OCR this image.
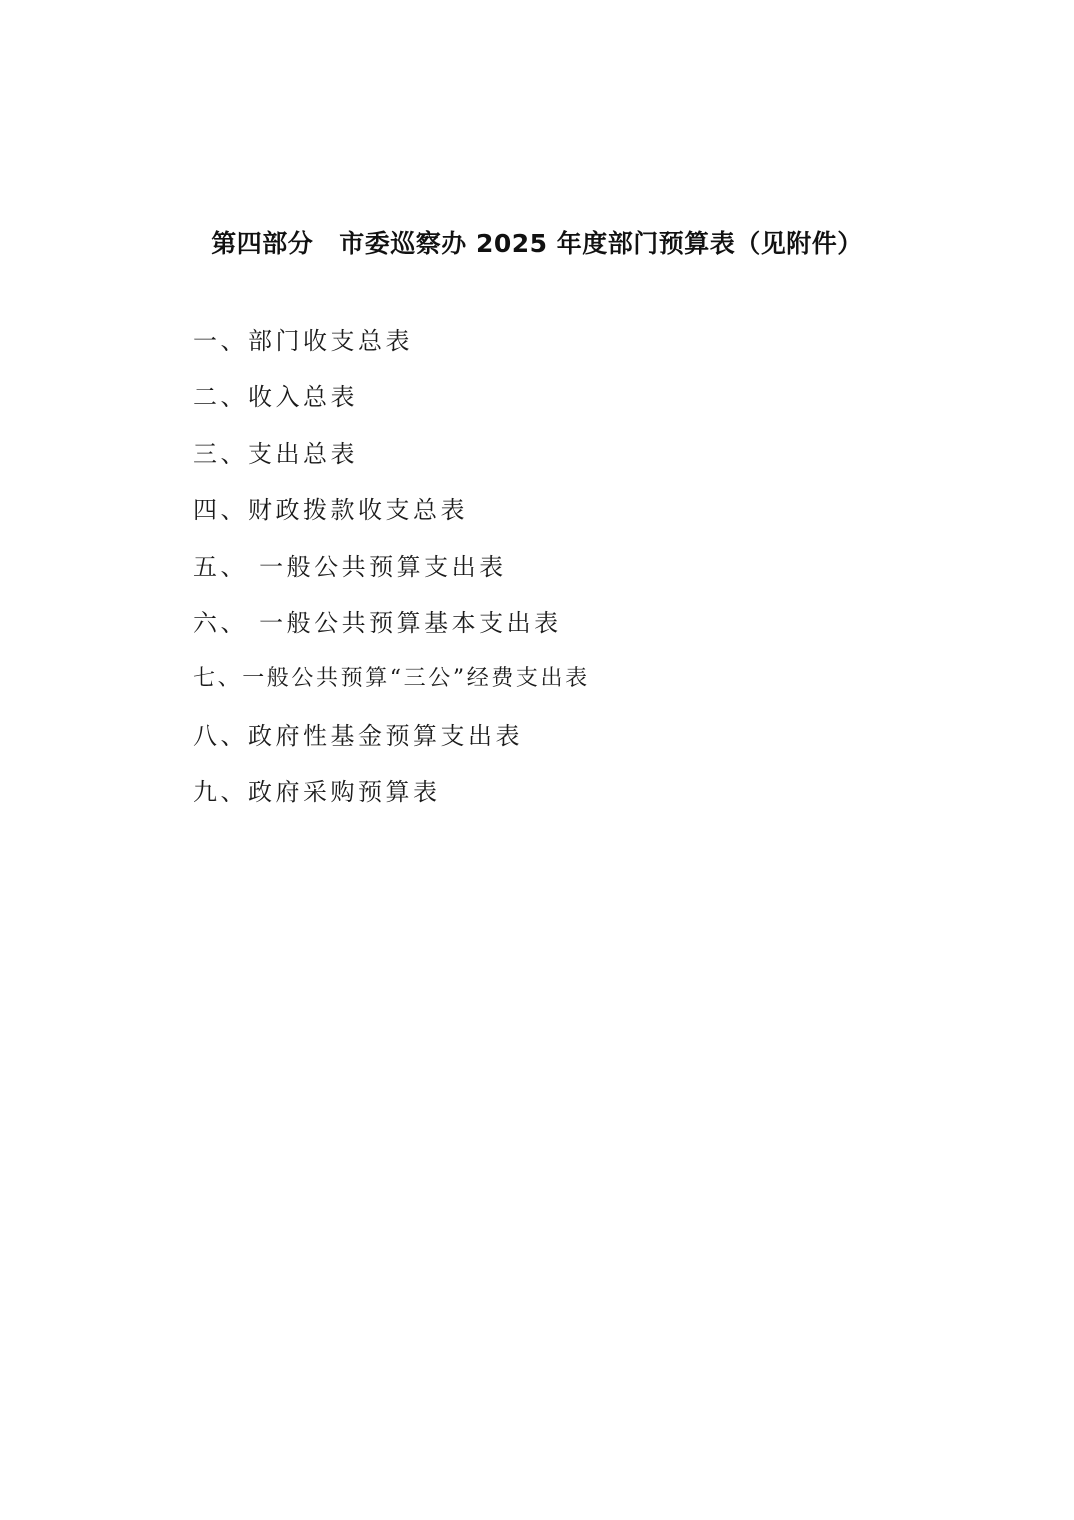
第四部分 市委巡察办 2025 年度部门预算表（见附件）
一、部门收支总表
二、收入总表
三、支出总表
四、财政拨款收支总表
五、 一般公共预算支出表
六、 一般公共预算基本支出表
七、一般公共预算“三公”经费支出表
八、政府性基金预算支出表
九、政府采购预算表
